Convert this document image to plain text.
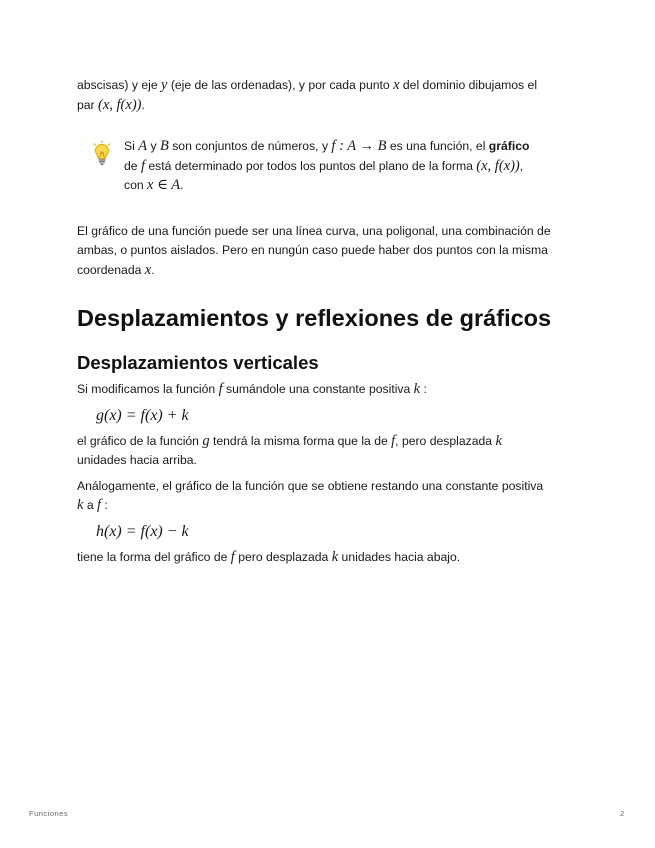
abscisas) y eje y (eje de las ordenadas), y por cada punto x del dominio dibujamos el
par (x, f(x)).

Si A y B son conjuntos de números, y f : A → B es una función, el gráfico
de f está determinado por todos los puntos del plano de la forma (x, f(x)),
con x ∈ A.

El gráfico de una función puede ser una línea curva, una poligonal, una combinación de ambas, o puntos aislados. Pero en nungún caso puede haber dos puntos con la misma coordenada x.

Desplazamientos y reflexiones de gráficos
Desplazamientos verticales

Si modificamos la función f sumándole una constante positiva k :

g(x) = f(x) + k

el gráfico de la función g tendrá la misma forma que la de f, pero desplazada k
unidades hacia arriba.

Análogamente, el gráfico de la función que se obtiene restando una constante positiva
k a f :

h(x) = f(x) − k

tiene la forma del gráfico de f pero desplazada k unidades hacia abajo.

Funciones	2
